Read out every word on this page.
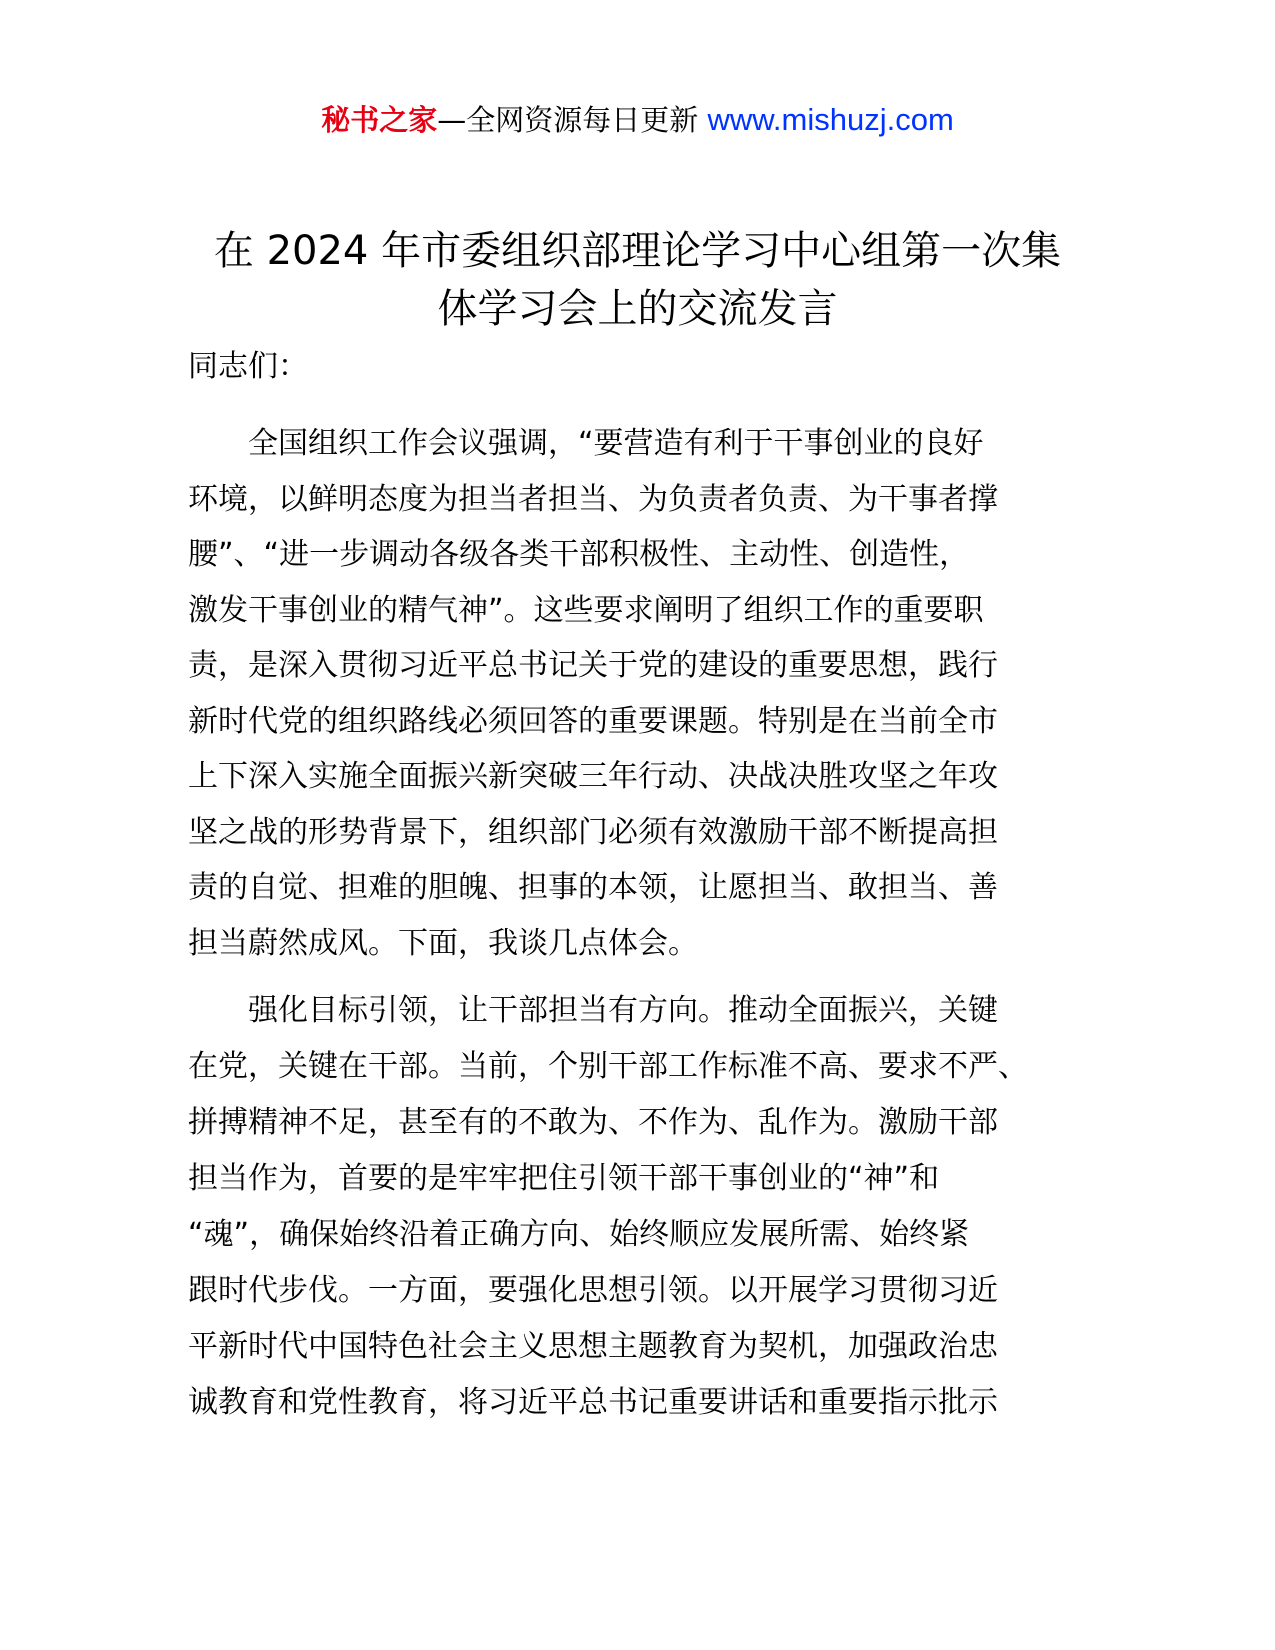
秘书之家—全网资源每日更新 www.mishuzj.com
在 2024 年市委组织部理论学习中心组第一次集
体学习会上的交流发言

同志们：

　　全国组织工作会议强调，“要营造有利于干事创业的良好
环境，以鲜明态度为担当者担当、为负责者负责、为干事者撑
腰”、“进一步调动各级各类干部积极性、主动性、创造性，
激发干事创业的精气神”。这些要求阐明了组织工作的重要职
责，是深入贯彻习近平总书记关于党的建设的重要思想，践行
新时代党的组织路线必须回答的重要课题。特别是在当前全市
上下深入实施全面振兴新突破三年行动、决战决胜攻坚之年攻
坚之战的形势背景下，组织部门必须有效激励干部不断提高担
责的自觉、担难的胆魄、担事的本领，让愿担当、敢担当、善
担当蔚然成风。下面，我谈几点体会。

　　强化目标引领，让干部担当有方向。推动全面振兴，关键
在党，关键在干部。当前，个别干部工作标准不高、要求不严、
拼搏精神不足，甚至有的不敢为、不作为、乱作为。激励干部
担当作为，首要的是牢牢把住引领干部干事创业的“神”和
“魂”，确保始终沿着正确方向、始终顺应发展所需、始终紧
跟时代步伐。一方面，要强化思想引领。以开展学习贯彻习近
平新时代中国特色社会主义思想主题教育为契机，加强政治忠
诚教育和党性教育，将习近平总书记重要讲话和重要指示批示
